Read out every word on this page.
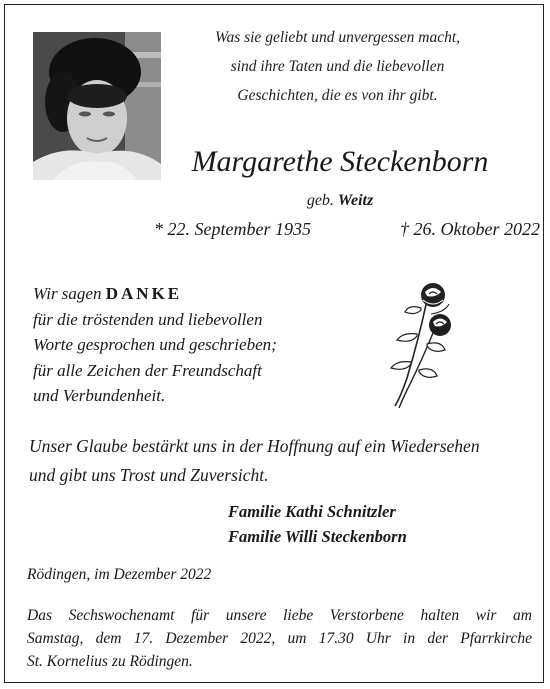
Was sie geliebt und unvergessen macht,
sind ihre Taten und die liebevollen
Geschichten, die es von ihr gibt.
Margarethe Steckenborn
geb. Weitz
* 22. September 1935	† 26. Oktober 2022
Wir sagen DANKE
für die tröstenden und liebevollen
Worte gesprochen und geschrieben;
für alle Zeichen der Freundschaft
und Verbundenheit.
Unser Glaube bestärkt uns in der Hoffnung auf ein Wiedersehen
und gibt uns Trost und Zuversicht.
Familie Kathi Schnitzler
Familie Willi Steckenborn
Rödingen, im Dezember 2022
Das Sechswochenamt für unsere liebe Verstorbene halten wir am
Samstag, dem 17. Dezember 2022, um 17.30 Uhr in der Pfarrkirche
St. Kornelius zu Rödingen.
